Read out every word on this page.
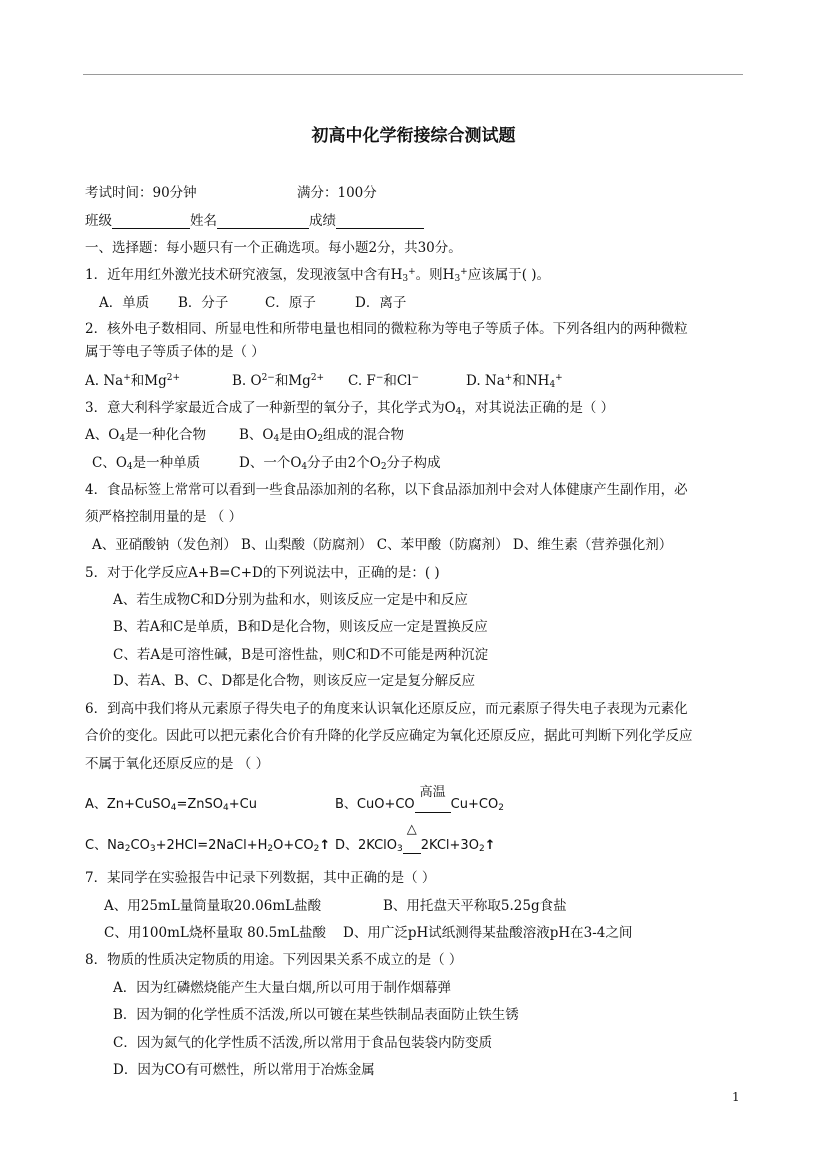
初高中化学衔接综合测试题
考试时间：90分钟	满分：100分
班级	姓名	成绩
一、选择题：每小题只有一个正确选项。每小题2分，共30分。
1．近年用红外激光技术研究液氢，发现液氢中含有$H_3^+$。则$H_3^+$应该属于( )。
A．单质 B．分子	C．原子	D．离子
2．核外电子数相同、所显电性和所带电量也相同的微粒称为等电子等质子体。下列各组内的两种微粒
属于等电子等质子体的是（ ）
A. Na+和$Mg^{2+}$	B. $O^{2-}$和$Mg^{2+}$ C. F−和Cl−	D. Na+和$NH_4^+$
3．意大利科学家最近合成了一种新型的氧分子，其化学式为$O_4$，对其说法正确的是（ ）
A、$O_4$是一种化合物 B、$O_4$是由$O_2$组成的混合物
C、$O_4$是一种单质	D、一个$O_4$分子由2个$O_2$分子构成
4．食品标签上常常可以看到一些食品添加剂的名称，以下食品添加剂中会对人体健康产生副作用，必
须严格控制用量的是 （ ）
A、亚硝酸钠（发色剂） B、山梨酸（防腐剂） C、苯甲酸（防腐剂） D、维生素（营养强化剂）
5．对于化学反应A+B=C+D的下列说法中，正确的是：( )
A、若生成物C和D分别为盐和水，则该反应一定是中和反应
B、若A和C是单质，B和D是化合物，则该反应一定是置换反应
C、若A是可溶性碱，B是可溶性盐，则C和D不可能是两种沉淀
D、若A、B、C、D都是化合物，则该反应一定是复分解反应
6．到高中我们将从元素原子得失电子的角度来认识氧化还原反应，而元素原子得失电子表现为元素化
合价的变化。因此可以把元素化合价有升降的化学反应确定为氧化还原反应，据此可判断下列化学反应
不属于氧化还原反应的是 （ ）
A、Zn+CuSO$_4$=ZnSO$_4$+Cu	B、CuO+CO
高温
$Cu+CO_2$
C、$Na_2CO_3+2HCl=2NaCl+H_2O+CO_2↑$ D、2KClO$_3$
△
$2KCl+3O_2↑$
7．某同学在实验报告中记录下列数据，其中正确的是（ ）
A、用25mL量筒量取20.06mL盐酸	B、用托盘天平称取5.25g食盐
C、用100mL烧杯量取 80.5mL盐酸 D、用广泛pH试纸测得某盐酸溶液pH在3-4之间
8．物质的性质决定物质的用途。下列因果关系不成立的是（ ）
A．因为红磷燃烧能产生大量白烟,所以可用于制作烟幕弹
B．因为铜的化学性质不活泼,所以可镀在某些铁制品表面防止铁生锈
C．因为氮气的化学性质不活泼,所以常用于食品包装袋内防变质
D．因为CO有可燃性，所以常用于冶炼金属
1
